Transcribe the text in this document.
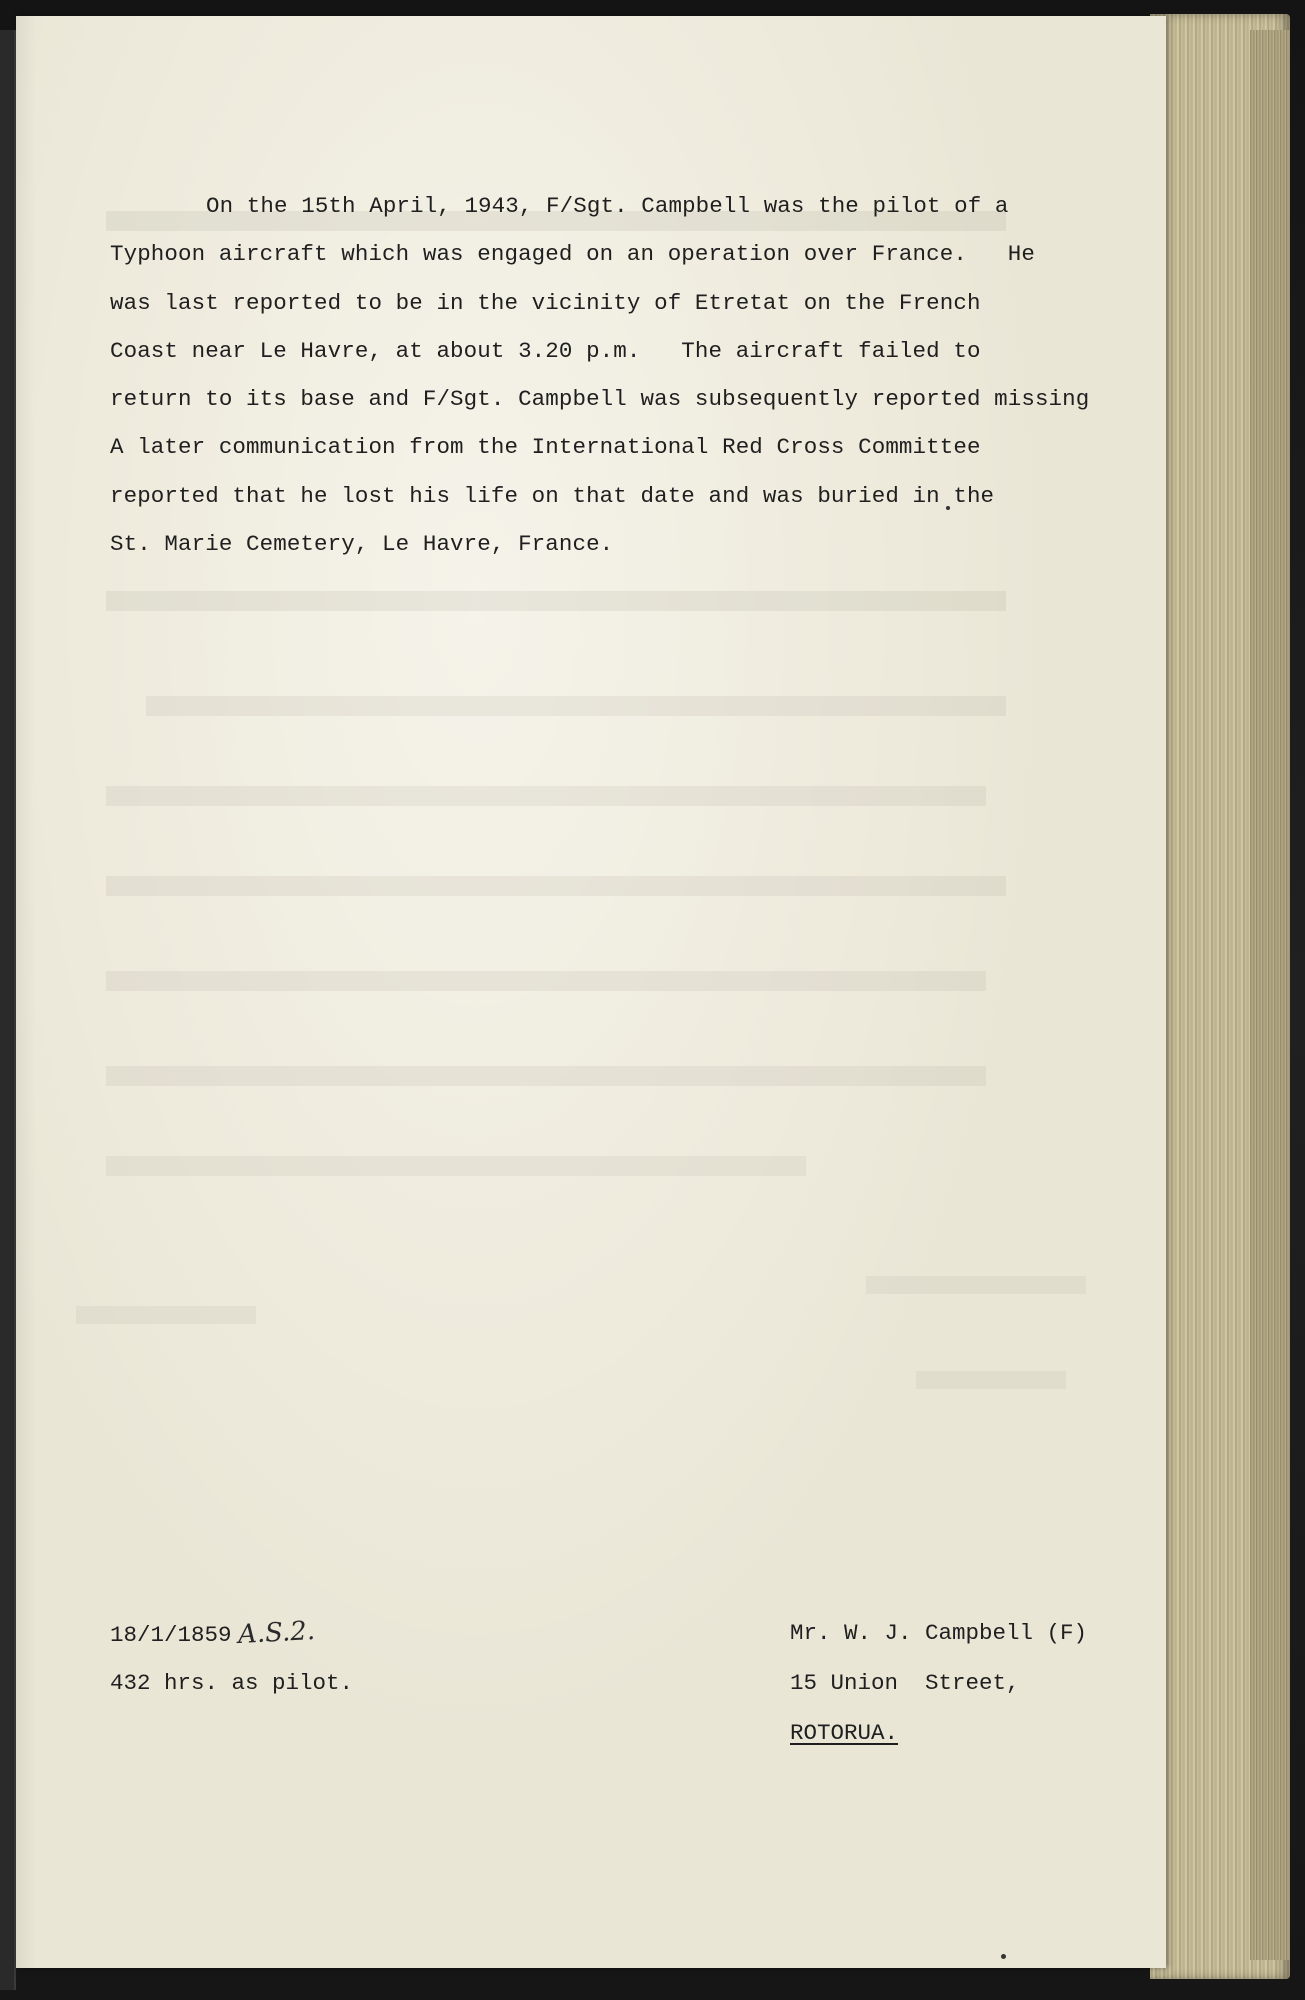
On the 15th April, 1943, F/Sgt. Campbell was the pilot of a
Typhoon aircraft which was engaged on an operation over France.   He
was last reported to be in the vicinity of Etretat on the French
Coast near Le Havre, at about 3.20 p.m.   The aircraft failed to
return to its base and F/Sgt. Campbell was subsequently reported missing
A later communication from the International Red Cross Committee
reported that he lost his life on that date and was buried in the
St. Marie Cemetery, Le Havre, France.
18/1/1859 A.S.2.
432 hrs. as pilot.
Mr. W. J. Campbell (F)
15 Union  Street,
ROTORUA.
